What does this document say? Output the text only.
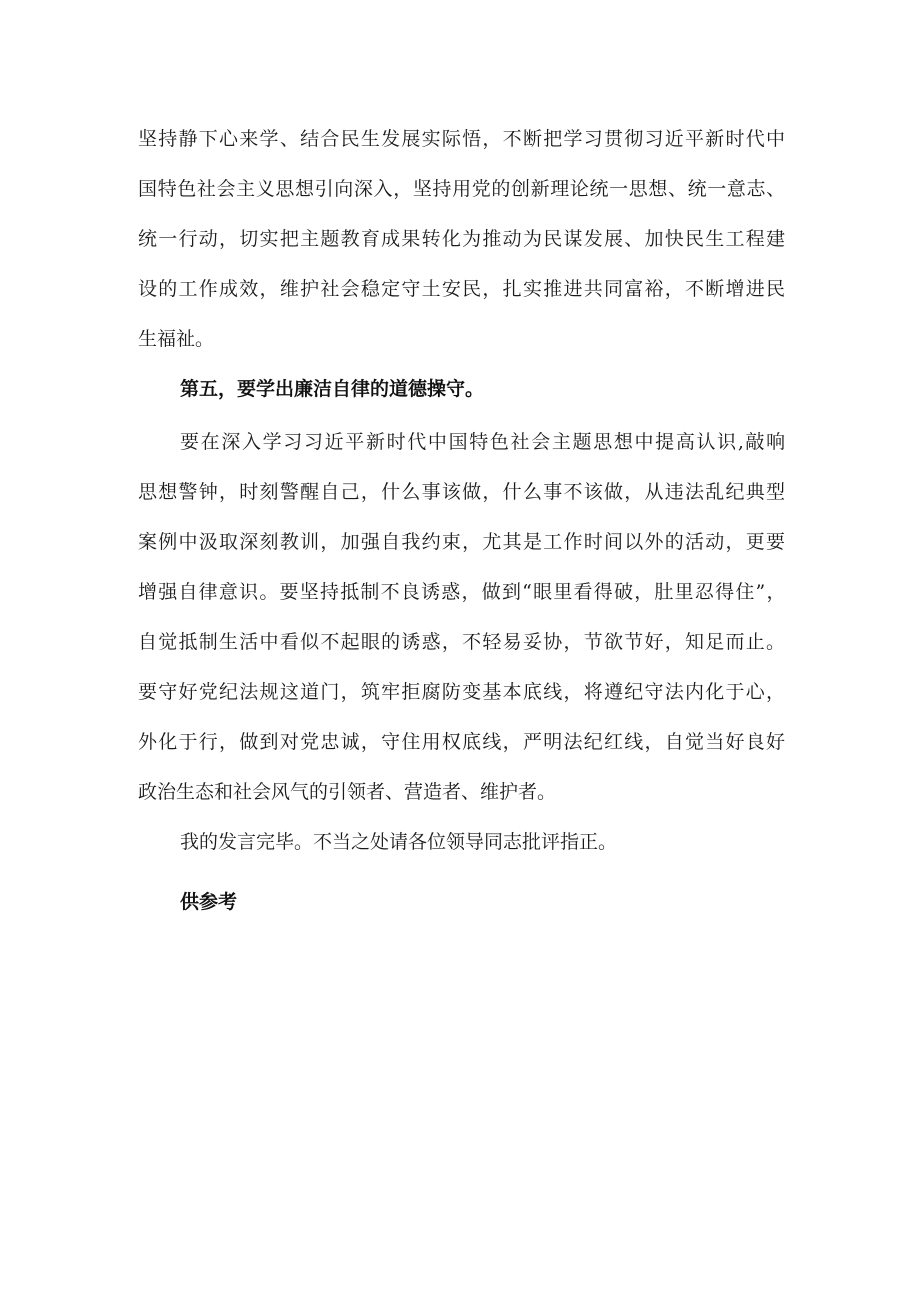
坚持静下心来学、结合民生发展实际悟，不断把学习贯彻习近平新时代中
国特色社会主义思想引向深入，坚持用党的创新理论统一思想、统一意志、
统一行动，切实把主题教育成果转化为推动为民谋发展、加快民生工程建
设的工作成效，维护社会稳定守土安民，扎实推进共同富裕，不断增进民
生福祉。
第五，要学出廉洁自律的道德操守。
要在深入学习习近平新时代中国特色社会主题思想中提高认识,敲响
思想警钟，时刻警醒自己，什么事该做，什么事不该做，从违法乱纪典型
案例中汲取深刻教训，加强自我约束，尤其是工作时间以外的活动，更要
增强自律意识。要坚持抵制不良诱惑，做到“眼里看得破，肚里忍得住”，
自觉抵制生活中看似不起眼的诱惑，不轻易妥协，节欲节好，知足而止。
要守好党纪法规这道门，筑牢拒腐防变基本底线，将遵纪守法内化于心，
外化于行，做到对党忠诚，守住用权底线，严明法纪红线，自觉当好良好
政治生态和社会风气的引领者、营造者、维护者。
我的发言完毕。不当之处请各位领导同志批评指正。
供参考
